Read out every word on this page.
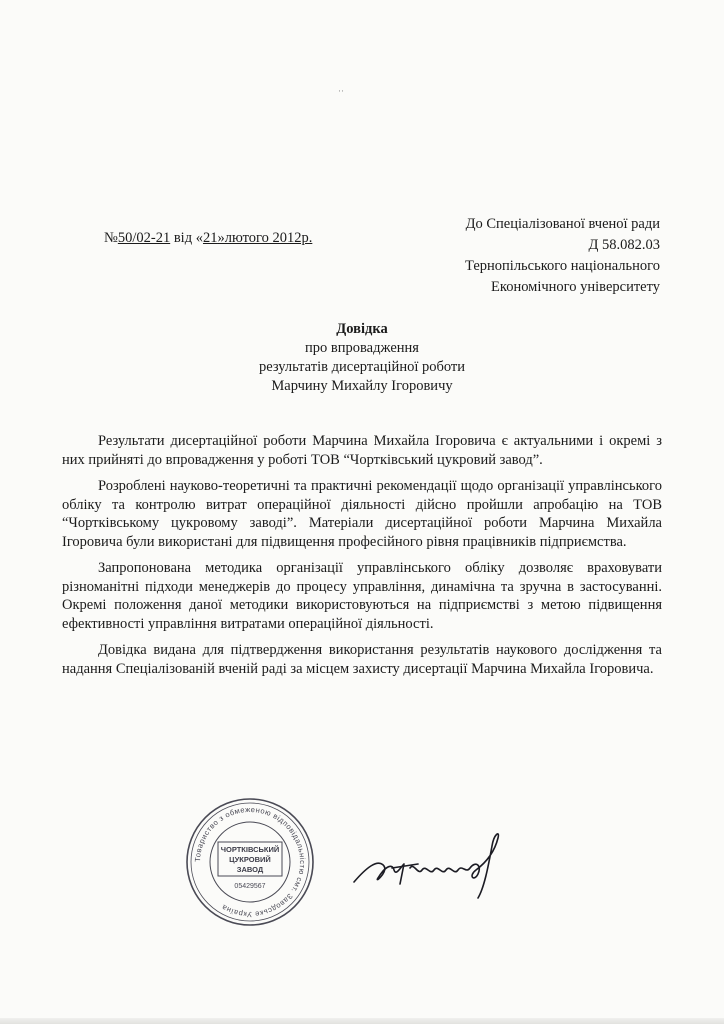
··
№50/02-21 від «21»лютого 2012р.
До Спеціалізованої вченої ради
Д 58.082.03
Тернопільського національного
Економічного університету
Довідка
про впровадження
результатів дисертаційної роботи
Марчину Михайлу Ігоровичу

Результати дисертаційної роботи Марчина Михайла Ігоровича є актуальними і окремі з них прийняті до впровадження у роботі ТОВ “Чортківський цукровий завод”.

Розроблені науково-теоретичні та практичні рекомендації щодо організації управлінського обліку та контролю витрат операційної діяльності дійсно пройшли апробацію на ТОВ “Чортківському цукровому заводі”. Матеріали дисертаційної роботи Марчина Михайла Ігоровича були використані для підвищення професійного рівня працівників підприємства.

Запропонована методика організації управлінського обліку дозволяє враховувати різноманітні підходи менеджерів до процесу управління, динамічна та зручна в застосуванні. Окремі положення даної методики використовуються на підприємстві з метою підвищення ефективності управління витратами операційної діяльності.

Довідка видана для підтвердження використання результатів наукового дослідження та надання Спеціалізованій вченій раді за місцем захисту дисертації Марчина Михайла Ігоровича.

Товариство з обмеженою відповідальністю смт. Заводське Україна
ЧОРТКІВСЬКИЙ
ЦУКРОВИЙ
ЗАВОД
05429567
